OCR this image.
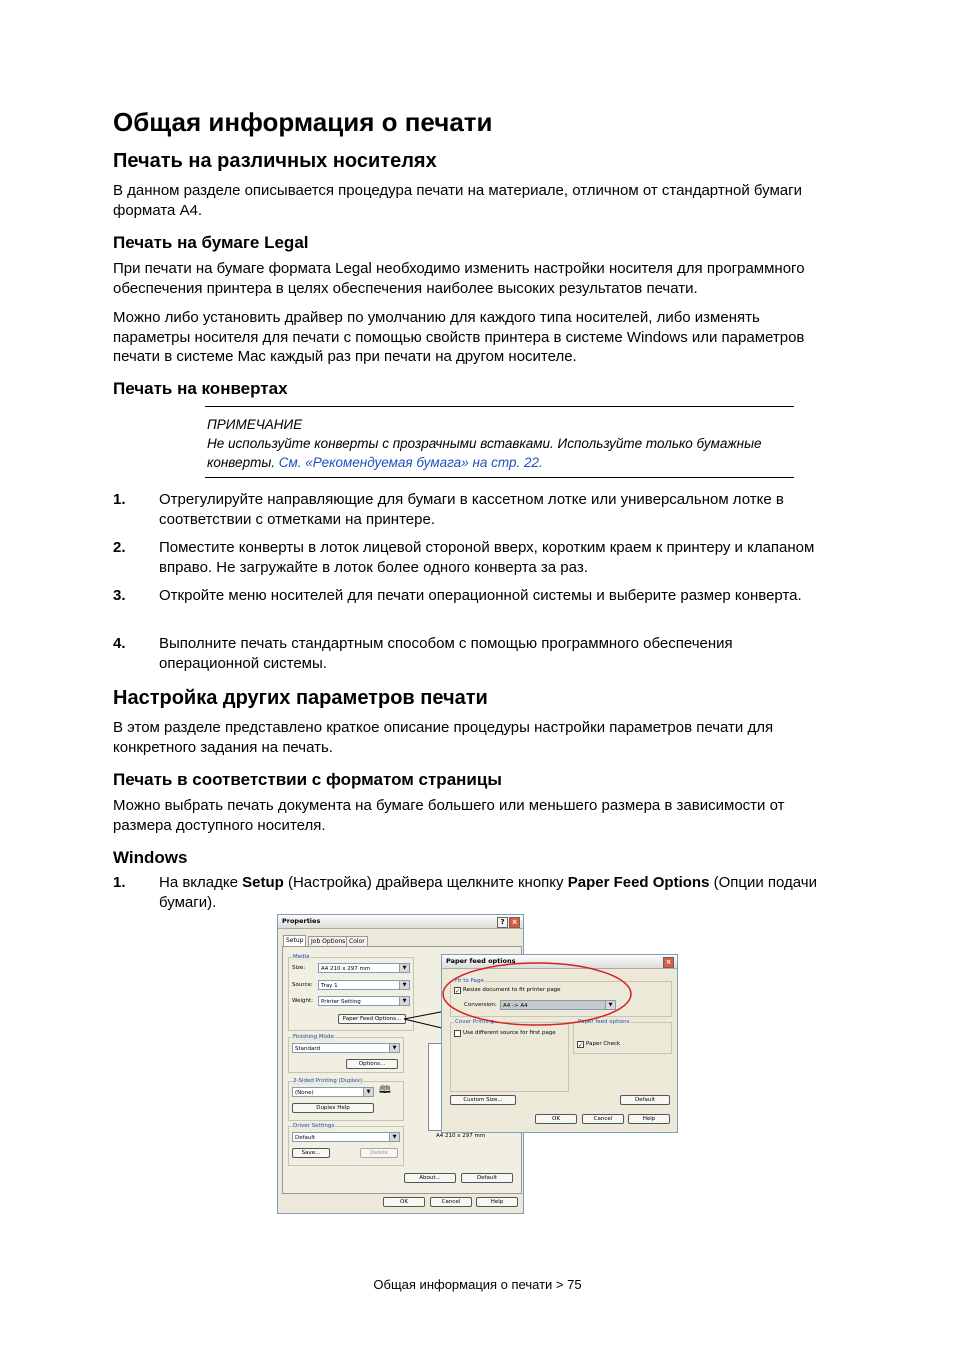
Общая информация о печати
Печать на различных носителях

В данном разделе описывается процедура печати на материале, отличном от стандартной бумаги формата A4.

Печать на бумаге Legal

При печати на бумаге формата Legal необходимо изменить настройки носителя для программного обеспечения принтера в целях обеспечения наиболее высоких результатов печати.

Можно либо установить драйвер по умолчанию для каждого типа носителей, либо изменять параметры носителя для печати с помощью свойств принтера в системе Windows или параметров печати в системе Mac каждый раз при печати на другом носителе.

Печать на конвертах
ПРИМЕЧАНИЕ
Не используйте конверты с прозрачными вставками. Используйте только бумажные конверты. См. «Рекомендуемая бумага» на стр. 22.
1. Отрегулируйте направляющие для бумаги в кассетном лотке или универсальном лотке в соответствии с отметками на принтере.
2. Поместите конверты в лоток лицевой стороной вверх, коротким краем к принтеру и клапаном вправо. Не загружайте в лоток более одного конверта за раз.
3. Откройте меню носителей для печати операционной системы и выберите размер конверта.
4. Выполните печать стандартным способом с помощью программного обеспечения операционной системы.
Настройка других параметров печати

В этом разделе представлено краткое описание процедуры настройки параметров печати для конкретного задания на печать.

Печать в соответствии с форматом страницы

Можно выбрать печать документа на бумаге большего или меньшего размера в зависимости от размера доступного носителя.

Windows
1. На вкладке Setup (Настройка) драйвера щелкните кнопку Paper Feed Options (Опции подачи бумаги).
Properties	?	×
Setup	Job Options Color
Media
Size:	A4 210 x 297 mm	▼
Source:	Tray 1	▼
Weight:	Printer Setting	▼
Paper Feed Options...
Finishing Mode
Standard	▼
Options...
2-Sided Printing (Duplex)
(None)	▼ 🕮
Duplex Help
Driver Settings
Default	▼
Save...	Delete
A4 210 x 297 mm
About...	Default
OK	Cancel	Help
Paper feed options	×
Fit to Page
✓ Resize document to fit printer page
Conversion:	A4 -> A4	▼
Cover Printing
Use different source for first page
Paper feed options
✓ Paper Check
Custom Size...	Default
OK	Cancel	Help
Общая информация о печати > 75
